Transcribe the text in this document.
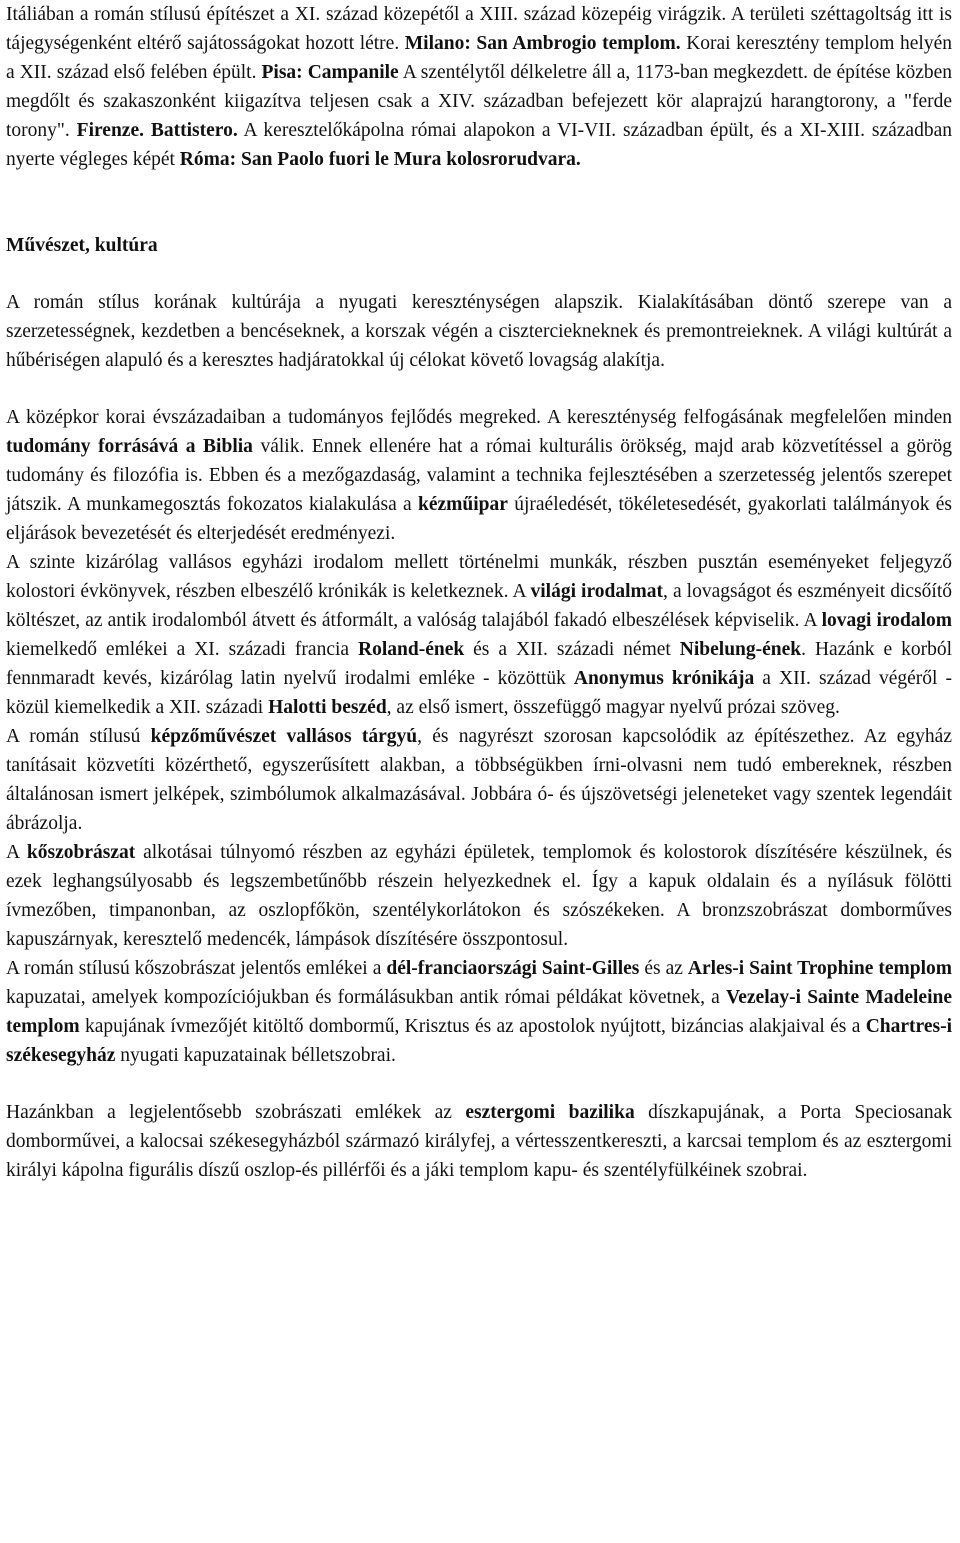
Itáliában a román stílusú építészet a XI. század közepétől a XIII. század közepéig virágzik. A területi széttagoltság itt is tájegységenként eltérő sajátosságokat hozott létre. Milano: San Ambrogio templom. Korai keresztény templom helyén a XII. század első felében épült. Pisa: Campanile A szentélytől délkeletre áll a, 1173-ban megkezdett. de építése közben megdőlt és szakaszonként kiigazítva teljesen csak a XIV. században befejezett kör alaprajzú harangtorony, a "ferde torony". Firenze. Battistero. A keresztelőkápolna római alapokon a VI-VII. században épült, és a XI-XIII. században nyerte végleges képét Róma: San Paolo fuori le Mura kolosrorudvara.

Művészet, kultúra

A román stílus korának kultúrája a nyugati kereszténységen alapszik. Kialakításában döntő szerepe van a szerzetességnek, kezdetben a bencéseknek, a korszak végén a ciszterciekneknek és premontreieknek. A világi kultúrát a hűbériségen alapuló és a keresztes hadjáratokkal új célokat követő lovagság alakítja.

A középkor korai évszázadaiban a tudományos fejlődés megreked. A kereszténység felfogásának megfelelően minden tudomány forrásává a Biblia válik. Ennek ellenére hat a római kulturális örökség, majd arab közvetítéssel a görög tudomány és filozófia is. Ebben és a mezőgazdaság, valamint a technika fejlesztésében a szerzetesség jelentős szerepet játszik. A munkamegosztás fokozatos kialakulása a kézműipar újraéledését, tökéletesedését, gyakorlati találmányok és eljárások bevezetését és elterjedését eredményezi.

A szinte kizárólag vallásos egyházi irodalom mellett történelmi munkák, részben pusztán eseményeket feljegyző kolostori évkönyvek, részben elbeszélő krónikák is keletkeznek. A világi irodalmat, a lovagságot és eszményeit dicsőítő költészet, az antik irodalomból átvett és átformált, a valóság talajából fakadó elbeszélések képviselik. A lovagi irodalom kiemelkedő emlékei a XI. századi francia Roland-ének és a XII. századi német Nibelung-ének. Hazánk e korból fennmaradt kevés, kizárólag latin nyelvű irodalmi emléke - közöttük Anonymus krónikája a XII. század végéről - közül kiemelkedik a XII. századi Halotti beszéd, az első ismert, összefüggő magyar nyelvű prózai szöveg.

A román stílusú képzőművészet vallásos tárgyú, és nagyrészt szorosan kapcsolódik az építészethez. Az egyház tanításait közvetíti közérthető, egyszerűsített alakban, a többségükben írni-olvasni nem tudó embereknek, részben általánosan ismert jelképek, szimbólumok alkalmazásával. Jobbára ó- és újszövetségi jeleneteket vagy szentek legendáit ábrázolja.

A kőszobrászat alkotásai túlnyomó részben az egyházi épületek, templomok és kolostorok díszítésére készülnek, és ezek leghangsúlyosabb és legszembetűnőbb részein helyezkednek el. Így a kapuk oldalain és a nyílásuk fölötti ívmezőben, timpanonban, az oszlopfőkön, szentélykorlátokon és szószékeken. A bronzszobrászat domborműves kapuszárnyak, keresztelő medencék, lámpások díszítésére összpontosul.

A román stílusú kőszobrászat jelentős emlékei a dél-franciaországi Saint-Gilles és az Arles-i Saint Trophine templom kapuzatai, amelyek kompozíciójukban és formálásukban antik római példákat követnek, a Vezelay-i Sainte Madeleine templom kapujának ívmezőjét kitöltő dombormű, Krisztus és az apostolok nyújtott, bizáncias alakjaival és a Chartres-i székesegyház nyugati kapuzatainak bélletszobrai.

Hazánkban a legjelentősebb szobrászati emlékek az esztergomi bazilika díszkapujának, a Porta Speciosanak domborművei, a kalocsai székesegyházból származó királyfej, a vértesszentkereszti, a karcsai templom és az esztergomi királyi kápolna figurális díszű oszlop-és pillérfői és a jáki templom kapu- és szentélyfülkéinek szobrai.
